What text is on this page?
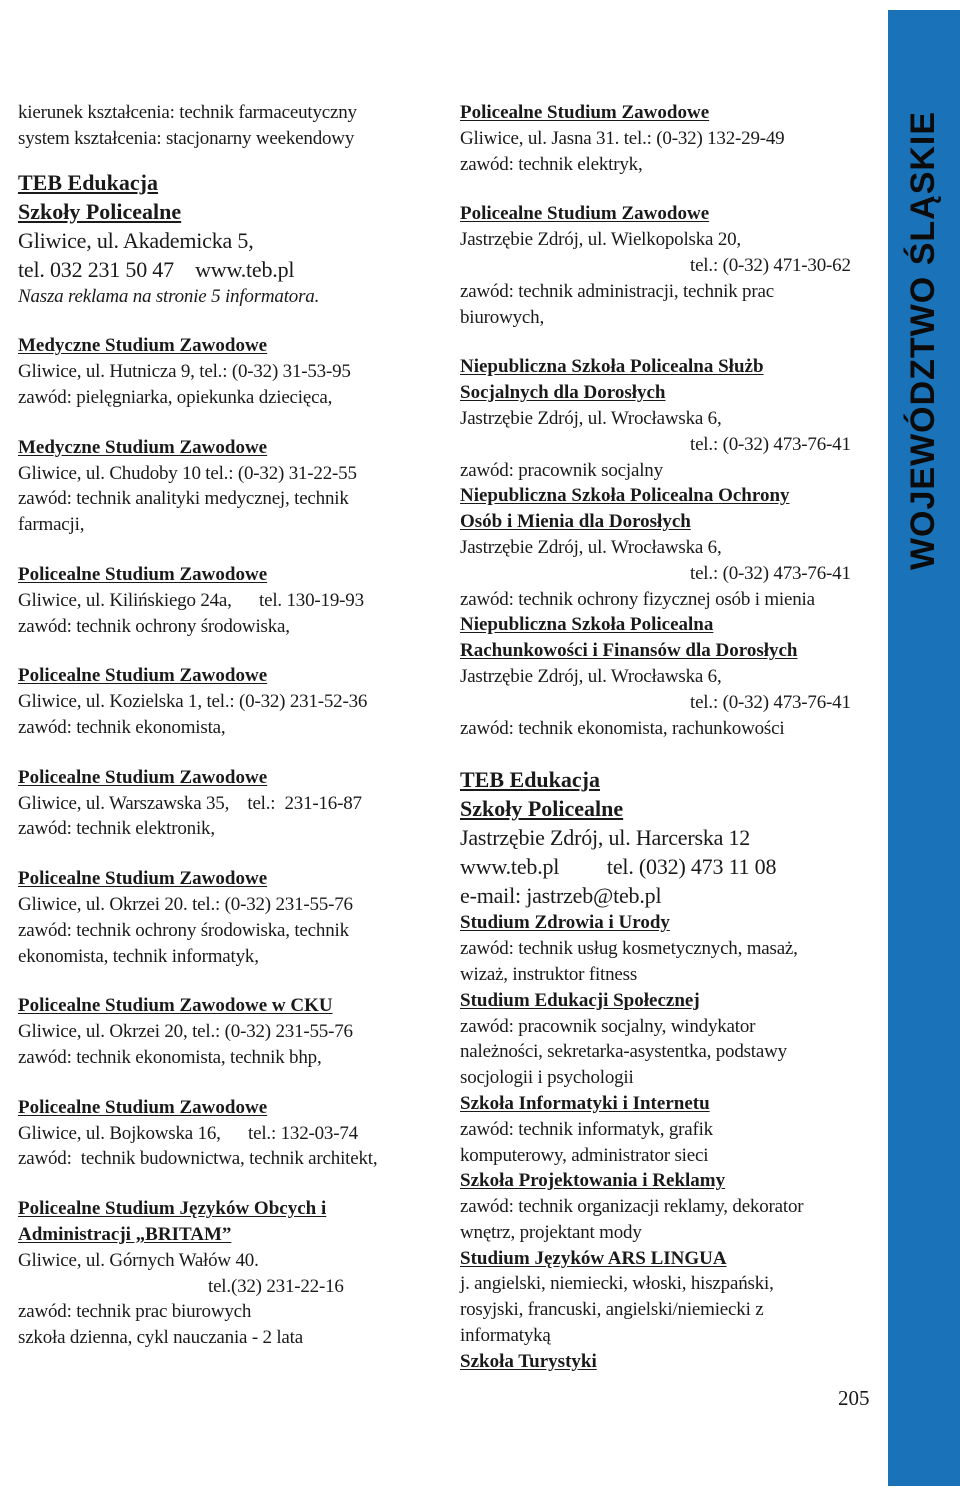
kierunek kształcenia: technik farmaceutyczny
system kształcenia: stacjonarny weekendowy
TEB Edukacja
Szkoły Policealne
Gliwice, ul. Akademicka 5,
tel. 032 231 50 47    www.teb.pl
Nasza reklama na stronie 5 informatora.
Medyczne Studium Zawodowe
Gliwice, ul. Hutnicza 9, tel.: (0-32) 31-53-95
zawód: pielęgniarka, opiekunka dziecięca,
Medyczne Studium Zawodowe
Gliwice, ul. Chudoby 10 tel.: (0-32) 31-22-55
zawód: technik analityki medycznej, technik
farmacji,
Policealne Studium Zawodowe
Gliwice, ul. Kilińskiego 24a,      tel. 130-19-93
zawód: technik ochrony środowiska,
Policealne Studium Zawodowe
Gliwice, ul. Kozielska 1, tel.: (0-32) 231-52-36
zawód: technik ekonomista,
Policealne Studium Zawodowe
Gliwice, ul. Warszawska 35,    tel.:  231-16-87
zawód: technik elektronik,
Policealne Studium Zawodowe
Gliwice, ul. Okrzei 20. tel.: (0-32) 231-55-76
zawód: technik ochrony środowiska, technik
ekonomista, technik informatyk,
Policealne Studium Zawodowe w CKU
Gliwice, ul. Okrzei 20, tel.: (0-32) 231-55-76
zawód: technik ekonomista, technik bhp,
Policealne Studium Zawodowe
Gliwice, ul. Bojkowska 16,      tel.: 132-03-74
zawód:  technik budownictwa, technik architekt,
Policealne Studium Języków Obcych i
Administracji „BRITAM”
Gliwice, ul. Górnych Wałów 40.
tel.(32) 231-22-16
zawód: technik prac biurowych
szkoła dzienna, cykl nauczania - 2 lata
Policealne Studium Zawodowe
Gliwice, ul. Jasna 31. tel.: (0-32) 132-29-49
zawód: technik elektryk,
Policealne Studium Zawodowe
Jastrzębie Zdrój, ul. Wielkopolska 20,
tel.: (0-32) 471-30-62
zawód: technik administracji, technik prac
biurowych,
Niepubliczna Szkoła Policealna Służb
Socjalnych dla Dorosłych
Jastrzębie Zdrój, ul. Wrocławska 6,
tel.: (0-32) 473-76-41
zawód: pracownik socjalny
Niepubliczna Szkoła Policealna Ochrony
Osób i Mienia dla Dorosłych
Jastrzębie Zdrój, ul. Wrocławska 6,
tel.: (0-32) 473-76-41
zawód: technik ochrony fizycznej osób i mienia
Niepubliczna Szkoła Policealna
Rachunkowości i Finansów dla Dorosłych
Jastrzębie Zdrój, ul. Wrocławska 6,
tel.: (0-32) 473-76-41
zawód: technik ekonomista, rachunkowości
TEB Edukacja
Szkoły Policealne
Jastrzębie Zdrój, ul. Harcerska 12
www.teb.pl         tel. (032) 473 11 08
e-mail: jastrzeb@teb.pl
Studium Zdrowia i Urody
zawód: technik usług kosmetycznych, masaż,
wizaż, instruktor fitness
Studium Edukacji Społecznej
zawód: pracownik socjalny, windykator
należności, sekretarka-asystentka, podstawy
socjologii i psychologii
Szkoła Informatyki i Internetu
zawód: technik informatyk, grafik
komputerowy, administrator sieci
Szkoła Projektowania i Reklamy
zawód: technik organizacji reklamy, dekorator
wnętrz, projektant mody
Studium Języków ARS LINGUA
j. angielski, niemiecki, włoski, hiszpański,
rosyjski, francuski, angielski/niemiecki z
informatyką
Szkoła Turystyki
WOJEWÓDZTWO ŚLĄSKIE
205
